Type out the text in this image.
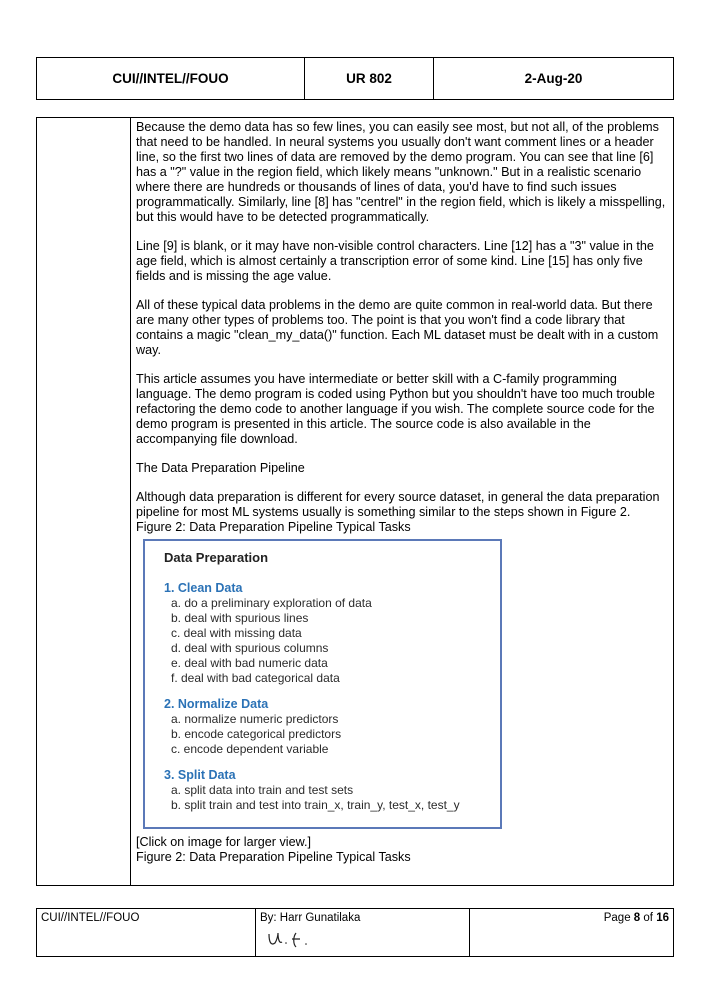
CUI//INTEL//FOUO	UR 802	2-Aug-20

Because the demo data has so few lines, you can easily see most, but not all, of the problems that need to be handled. In neural systems you usually don't want comment lines or a header line, so the first two lines of data are removed by the demo program. You can see that line [6] has a "?" value in the region field, which likely means "unknown." But in a realistic scenario where there are hundreds or thousands of lines of data, you'd have to find such issues programmatically. Similarly, line [8] has "centrel" in the region field, which is likely a misspelling, but this would have to be detected programmatically.

Line [9] is blank, or it may have non-visible control characters. Line [12] has a "3" value in the age field, which is almost certainly a transcription error of some kind. Line [15] has only five fields and is missing the age value.

All of these typical data problems in the demo are quite common in real-world data. But there are many other types of problems too. The point is that you won't find a code library that contains a magic "clean_my_data()" function. Each ML dataset must be dealt with in a custom way.

This article assumes you have intermediate or better skill with a C-family programming language. The demo program is coded using Python but you shouldn't have too much trouble refactoring the demo code to another language if you wish. The complete source code for the demo program is presented in this article. The source code is also available in the accompanying file download.

The Data Preparation Pipeline

Although data preparation is different for every source dataset, in general the data preparation pipeline for most ML systems usually is something similar to the steps shown in Figure 2.

Figure 2: Data Preparation Pipeline Typical Tasks

Data Preparation
1. Clean Data
a. do a preliminary exploration of data
b. deal with spurious lines
c. deal with missing data
d. deal with spurious columns
e. deal with bad numeric data
f. deal with bad categorical data
2. Normalize Data
a. normalize numeric predictors
b. encode categorical predictors
c. encode dependent variable
3. Split Data
a. split data into train and test sets
b. split train and test into train_x, train_y, test_x, test_y

[Click on image for larger view.]

Figure 2: Data Preparation Pipeline Typical Tasks

CUI//INTEL//FOUO	By: Harr Gunatilaka	Page 8 of 16
